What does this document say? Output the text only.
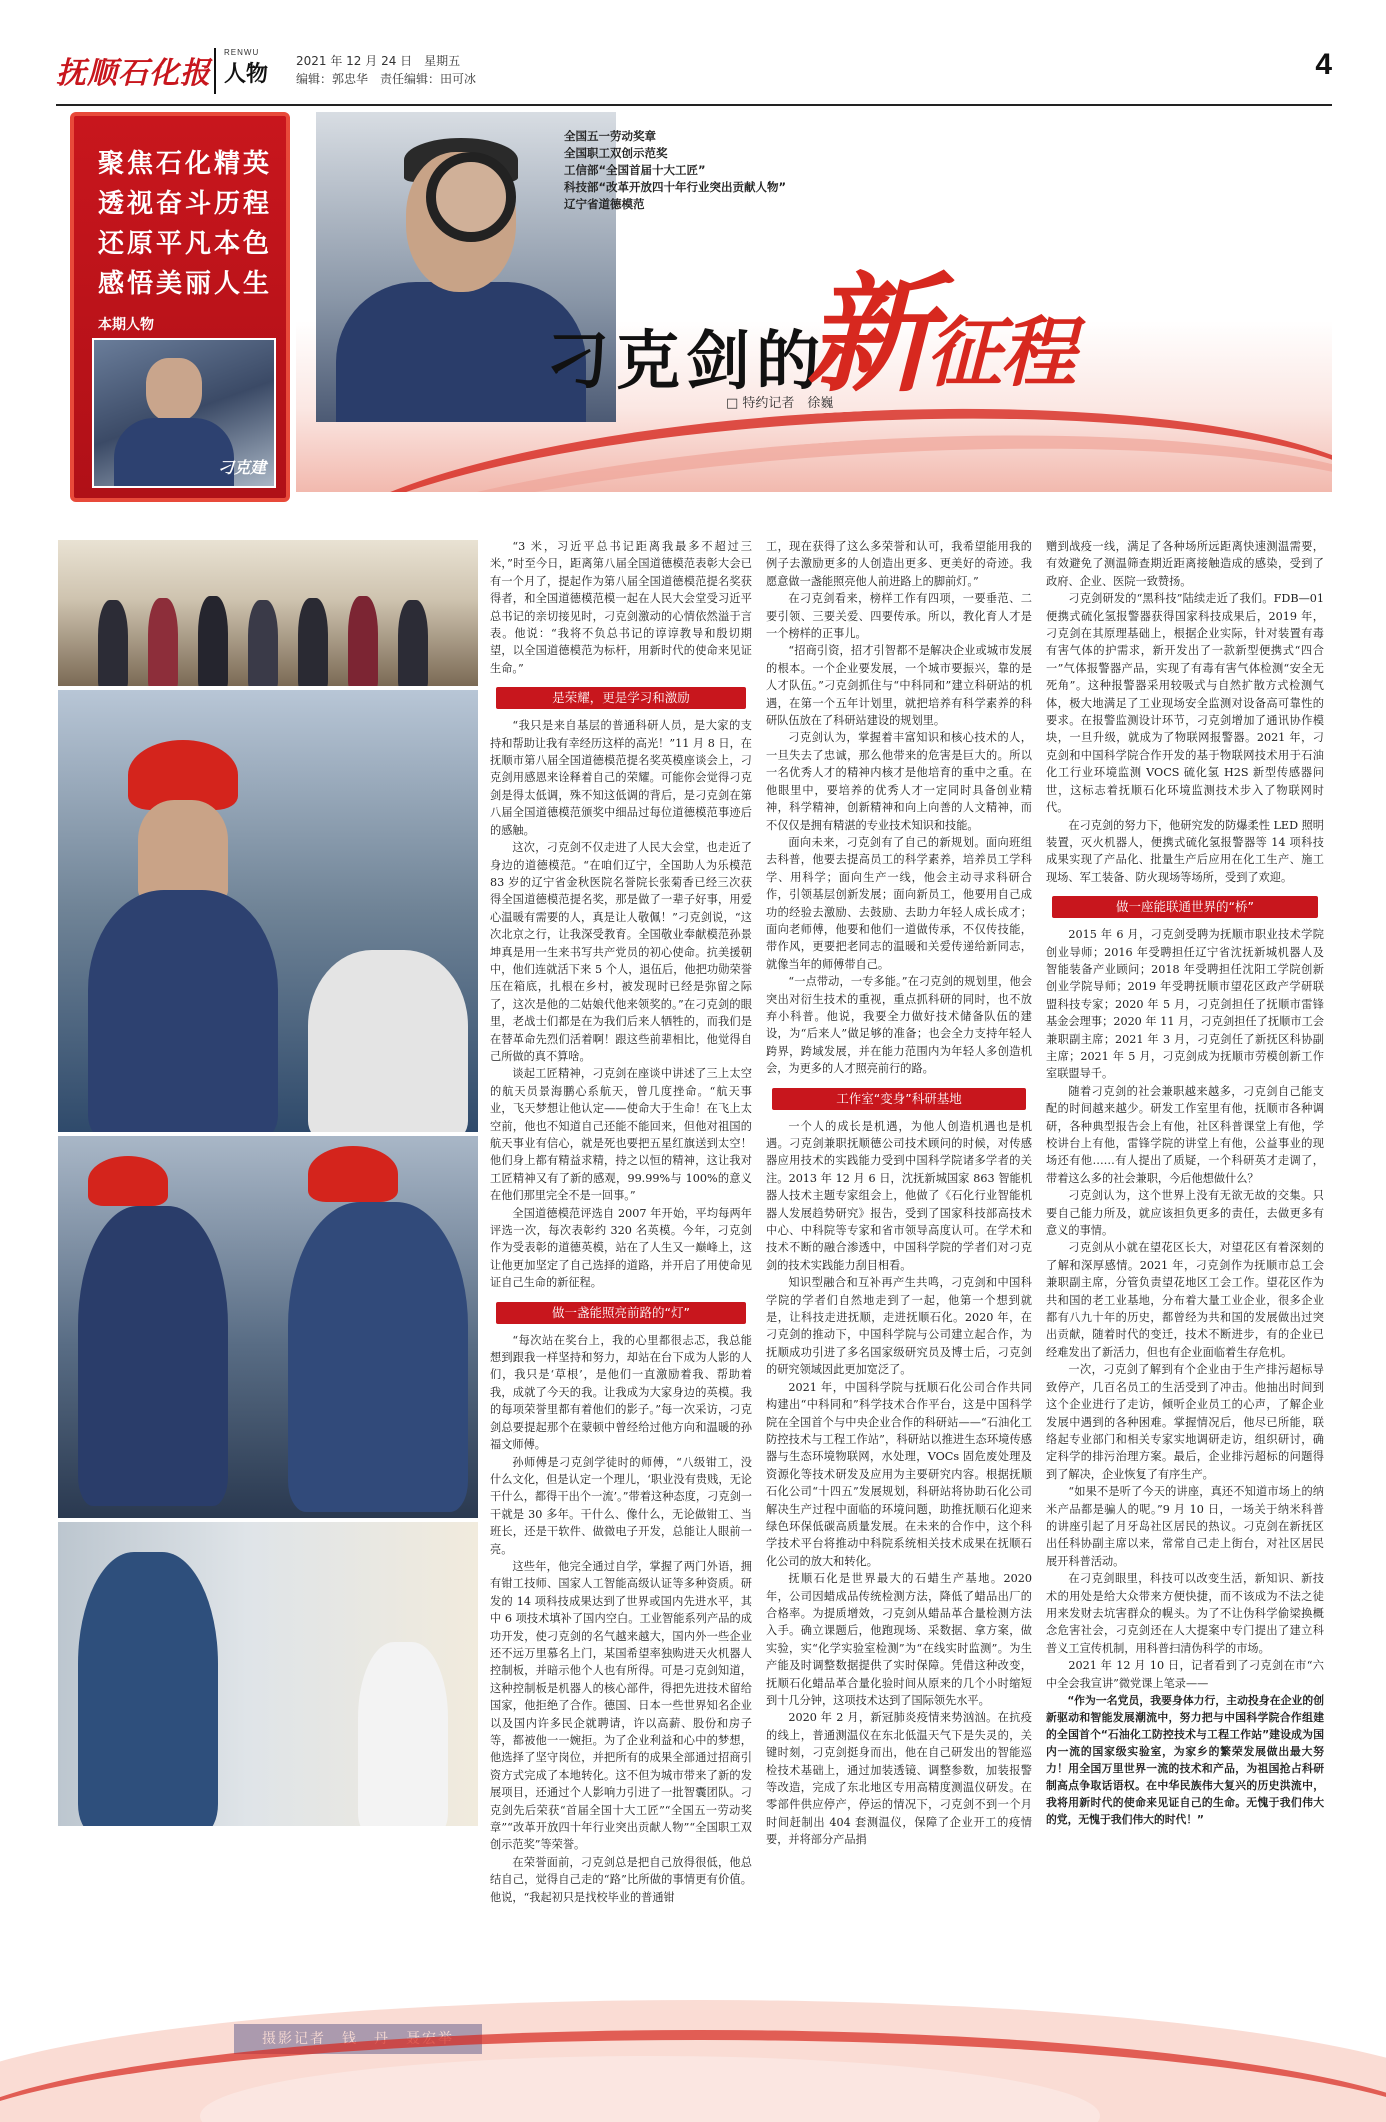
抚顺石化报
RENWU
人物
2021 年 12 月 24 日　星期五
编辑：郭忠华　责任编辑：田可冰	4
聚焦石化精英
透视奋斗历程
还原平凡本色
感悟美丽人生
本期人物
刁克建
全国五一劳动奖章
全国职工双创示范奖
工信部“全国首届十大工匠”
科技部“改革开放四十年行业突出贡献人物”
辽宁省道德模范
刁克剑的
新征程
□ 特约记者　徐巍

“3 米，习近平总书记距离我最多不超过三米，”时至今日，距离第八届全国道德模范表彰大会已有一个月了，提起作为第八届全国道德模范提名奖获得者，和全国道德模范模一起在人民大会堂受习近平总书记的亲切接见时，刁克剑激动的心情依然溢于言表。他说：“我将不负总书记的谆谆教导和殷切期望，以全国道德模范为标杆，用新时代的使命来见证生命。”

是荣耀，更是学习和激励

“我只是来自基层的普通科研人员，是大家的支持和帮助让我有幸经历这样的高光！”11 月 8 日，在抚顺市第八届全国道德模范提名奖英模座谈会上，刁克剑用感恩来诠释着自己的荣耀。可能你会觉得刁克剑是得太低调，殊不知这低调的背后，是刁克剑在第八届全国道德模范颁奖中细品过每位道德模范事迹后的感触。

这次，刁克剑不仅走进了人民大会堂，也走近了身边的道德模范。“在咱们辽宁，全国助人为乐模范 83 岁的辽宁省金秋医院名誉院长张菊香已经三次获得全国道德模范提名奖，那是做了一辈子好事，用爱心温暖有需要的人，真是让人敬佩！”刁克剑说，“这次北京之行，让我深受教育。全国敬业奉献模范孙景坤真是用一生来书写共产党员的初心使命。抗美援朝中，他们连就活下来 5 个人，退伍后，他把功勋荣誉压在箱底，扎根在乡村，被发现时已经是弥留之际了，这次是他的二姑娘代他来领奖的。”在刁克剑的眼里，老战士们都是在为我们后来人牺牲的，而我们是在替革命先烈们活着啊！跟这些前辈相比，他觉得自己所做的真不算啥。

谈起工匠精神，刁克剑在座谈中讲述了三上太空的航天员景海鹏心系航天，曾几度挫命。“航天事业，飞天梦想让他认定——使命大于生命！在飞上太空前，他也不知道自己还能不能回来，但他对祖国的航天事业有信心，就是死也要把五星红旗送到太空！他们身上都有精益求精，持之以恒的精神，这让我对工匠精神又有了新的感观，99.99%与 100%的意义在他们那里完全不是一回事。”

全国道德模范评选自 2007 年开始，平均每两年评选一次，每次表彰约 320 名英模。今年，刁克剑作为受表彰的道德英模，站在了人生又一巅峰上，这让他更加坚定了自己选择的道路，并开启了用使命见证自己生命的新征程。

做一盏能照亮前路的“灯”

“每次站在奖台上，我的心里都很忐忑，我总能想到跟我一样坚持和努力，却站在台下成为人影的人们，我只是‘草根’，是他们一直激励着我、帮助着我，成就了今天的我。让我成为大家身边的英模。我的每项荣誉里都有着他们的影子。”每一次采访，刁克剑总要提起那个在蒙顿中曾经给过他方向和温暖的孙福文师傅。

孙师傅是刁克剑学徒时的师傅，“八级钳工，没什么文化，但是认定一个理儿，‘职业没有贵贱，无论干什么，都得干出个一流’。”带着这种态度，刁克剑一干就是 30 多年。干什么、像什么，无论做钳工、当班长，还是干软件、做微电子开发，总能让人眼前一亮。

这些年，他完全通过自学，掌握了两门外语，拥有钳工技师、国家人工智能高级认证等多种资质。研发的 14 项科技成果达到了世界或国内先进水平，其中 6 项技术填补了国内空白。工业智能系列产品的成功开发，使刁克剑的名气越来越大，国内外一些企业还不远万里慕名上门，某国希望率独购进天火机器人控制板，并暗示他个人也有所得。可是刁克剑知道，这种控制板是机器人的核心部件，得把先进技术留给国家，他拒绝了合作。德国、日本一些世界知名企业以及国内许多民企就聘请，许以高薪、股份和房子等，都被他一一婉拒。为了企业利益和心中的梦想，他选择了坚守岗位，并把所有的成果全部通过招商引资方式完成了本地转化。这不但为城市带来了新的发展项目，还通过个人影响力引进了一批智囊团队。刁克剑先后荣获“首届全国十大工匠”“全国五一劳动奖章”“改革开放四十年行业突出贡献人物”“全国职工双创示范奖”等荣誉。

在荣誉面前，刁克剑总是把自己放得很低，他总结自己，觉得自己走的“路”比所做的事情更有价值。他说，“我起初只是找校毕业的普通钳

工，现在获得了这么多荣誉和认可，我希望能用我的例子去激励更多的人创造出更多、更美好的奇迹。我愿意做一盏能照亮他人前进路上的脚前灯。”

在刁克剑看来，榜样工作有四项，一要垂范、二要引领、三要关爱、四要传承。所以，教化育人才是一个榜样的正事儿。

“招商引资，招才引智都不是解决企业或城市发展的根本。一个企业要发展，一个城市要振兴，靠的是人才队伍。”刁克剑抓住与“中科同和”建立科研站的机遇，在第一个五年计划里，就把培养有科学素养的科研队伍放在了科研站建设的规划里。

刁克剑认为，掌握着丰富知识和核心技术的人，一旦失去了忠诚，那么他带来的危害是巨大的。所以一名优秀人才的精神内核才是他培育的重中之重。在他眼里中，要培养的优秀人才一定同时具备创业精神，科学精神，创新精神和向上向善的人文精神，而不仅仅是拥有精湛的专业技术知识和技能。

面向未来，刁克剑有了自己的新规划。面向班组去科普，他要去提高员工的科学素养，培养员工学科学、用科学；面向生产一线，他会主动寻求科研合作，引领基层创新发展；面向新员工，他要用自己成功的经验去激励、去鼓励、去助力年轻人成长成才；面向老师傅，他要和他们一道做传承，不仅传技能，带作风，更要把老同志的温暖和关爱传递给新同志，就像当年的师傅带自己。

“一点带动，一专多能。”在刁克剑的规划里，他会突出对衍生技术的重视，重点抓科研的同时，也不放弃小科普。他说，我要全力做好技术储备队伍的建设，为“后来人”做足够的准备；也会全力支持年轻人跨界，跨域发展，并在能力范围内为年轻人多创造机会，为更多的人才照亮前行的路。

工作室“变身”科研基地

一个人的成长是机遇，为他人创造机遇也是机遇。刁克剑兼职抚顺德公司技术顾问的时候，对传感器应用技术的实践能力受到中国科学院诸多学者的关注。2013 年 12 月 6 日，沈抚新城国家 863 智能机器人技术主题专家组会上，他做了《石化行业智能机器人发展趋势研究》报告，受到了国家科技部高技术中心、中科院等专家和省市领导高度认可。在学术和技术不断的融合渗透中，中国科学院的学者们对刁克剑的技术实践能力刮目相看。

知识型融合和互补再产生共鸣，刁克剑和中国科学院的学者们自然地走到了一起，他第一个想到就是，让科技走进抚顺，走进抚顺石化。2020 年，在刁克剑的推动下，中国科学院与公司建立起合作，为抚顺成功引进了多名国家级研究员及博士后，刁克剑的研究领域因此更加宽泛了。

2021 年，中国科学院与抚顺石化公司合作共同构建出“中科同和”科学技术合作平台，这是中国科学院在全国首个与中央企业合作的科研站——“石油化工防控技术与工程工作站”，科研站以推进生态环境传感器与生态环境物联网，水处理，VOCs 固危废处理及资源化等技术研发及应用为主要研究内容。根据抚顺石化公司“十四五”发展规划，科研站将协助石化公司解决生产过程中面临的环境问题，助推抚顺石化迎来绿色环保低碳高质量发展。在未来的合作中，这个科学技术平台将推动中科院系统相关技术成果在抚顺石化公司的放大和转化。

抚顺石化是世界最大的石蜡生产基地。2020 年，公司因蜡成品传统检测方法，降低了蜡品出厂的合格率。为提质增效，刁克剑从蜡品革合量检测方法入手。确立课题后，他跑现场、采数据、拿方案，做实验，实“化学实验室检测”为“在线实时监测”。为生产能及时调整数据提供了实时保障。凭借这种改变，抚顺石化蜡品革合量化验时间从原来的几个小时缩短到十几分钟，这项技术达到了国际领先水平。

2020 年 2 月，新冠肺炎疫情来势汹汹。在抗疫的线上，普通测温仪在东北低温天气下是失灵的，关键时刻，刁克剑挺身而出，他在自己研发出的智能巡检技术基础上，通过加装透镜、调整参数，加装报警等改造，完成了东北地区专用高精度测温仪研发。在零部件供应停产，停运的情况下，刁克剑不到一个月时间赶制出 404 套测温仪，保障了企业开工的疫情要，并将部分产品捐

赠到战疫一线，满足了各种场所远距离快速测温需要，有效避免了测温筛查期近距离接触造成的感染，受到了政府、企业、医院一致赞扬。

刁克剑研发的“黑科技”陆续走近了我们。FDB—01 便携式硫化氢报警器获得国家科技成果后，2019 年，刁克剑在其原理基础上，根据企业实际，针对装置有毒有害气体的护需求，新开发出了一款新型便携式“四合一”气体报警器产品，实现了有毒有害气体检测“安全无死角”。这种报警器采用较吸式与自然扩散方式检测气体，极大地满足了工业现场安全监测对设备高可靠性的要求。在报警监测设计环节，刁克剑增加了通讯协作模块，一旦升级，就成为了物联网报警器。2021 年，刁克剑和中国科学院合作开发的基于物联网技术用于石油化工行业环境监测 VOCS 硫化氢 H2S 新型传感器问世，这标志着抚顺石化环境监测技术步入了物联网时代。

在刁克剑的努力下，他研究发的防爆柔性 LED 照明装置，灭火机器人，便携式硫化氢报警器等 14 项科技成果实现了产品化、批量生产后应用在化工生产、施工现场、军工装备、防火现场等场所，受到了欢迎。

做一座能联通世界的“桥”

2015 年 6 月，刁克剑受聘为抚顺市职业技术学院创业导师；2016 年受聘担任辽宁省沈抚新城机器人及智能装备产业顾问；2018 年受聘担任沈阳工学院创新创业学院导师；2019 年受聘抚顺市望花区政产学研联盟科技专家；2020 年 5 月，刁克剑担任了抚顺市雷锋基金会理事；2020 年 11 月，刁克剑担任了抚顺市工会兼职副主席；2021 年 3 月，刁克剑任了新抚区科协副主席；2021 年 5 月，刁克剑成为抚顺市劳模创新工作室联盟导千。

随着刁克剑的社会兼职越来越多，刁克剑自己能支配的时间越来越少。研发工作室里有他，抚顺市各种调研，各种典型报告会上有他，社区科普课堂上有他，学校讲台上有他，雷锋学院的讲堂上有他，公益事业的现场还有他……有人提出了质疑，一个科研英才走调了，带着这么多的社会兼职，今后他想做什么？

刁克剑认为，这个世界上没有无欲无故的交集。只要自己能力所及，就应该担负更多的责任，去做更多有意义的事情。

刁克剑从小就在望花区长大，对望花区有着深刻的了解和深厚感情。2021 年，刁克剑作为抚顺市总工会兼职副主席，分管负责望花地区工会工作。望花区作为共和国的老工业基地，分布着大量工业企业，很多企业都有八九十年的历史，都曾经为共和国的发展做出过突出贡献，随着时代的变迁，技术不断进步，有的企业已经难发出了新活力，但也有企业面临着生存危机。

一次，刁克剑了解到有个企业由于生产排污超标导致停产，几百名员工的生活受到了冲击。他抽出时间到这个企业进行了走访，倾听企业员工的心声，了解企业发展中遇到的各种困难。掌握情况后，他尽已所能，联络起专业部门和相关专家实地调研走访，组织研讨，确定科学的排污治理方案。最后，企业排污超标的问题得到了解决，企业恢复了有序生产。

“如果不是听了今天的讲座，真还不知道市场上的纳米产品都是骗人的呢。”9 月 10 日，一场关于纳米科普的讲座引起了月牙岛社区居民的热议。刁克剑在新抚区出任科协副主席以来，常常自己走上街台，对社区居民展开科普活动。

在刁克剑眼里，科技可以改变生活，新知识、新技术的用处是给大众带来方便快捷，而不该成为不法之徒用来发财去坑害群众的幌头。为了不让伪科学偷梁换概念危害社会，刁克剑还在人大提案中专门提出了建立科普义工宣传机制，用科普扫清伪科学的市场。

2021 年 12 月 10 日，记者看到了刁克剑在市“六中全会我宣讲”微党课上笔录——

“作为一名党员，我要身体力行，主动投身在企业的创新驱动和智能发展潮流中，努力把与中国科学院合作组建的全国首个“石油化工防控技术与工程工作站”建设成为国内一流的国家级实验室，为家乡的繁荣发展做出最大努力！用全国万里世界一流的技术和产品，为祖国抢占科研制高点争取话语权。在中华民族伟大复兴的历史洪流中，我将用新时代的使命来见证自己的生命。无愧于我们伟大的党，无愧于我们伟大的时代！”
